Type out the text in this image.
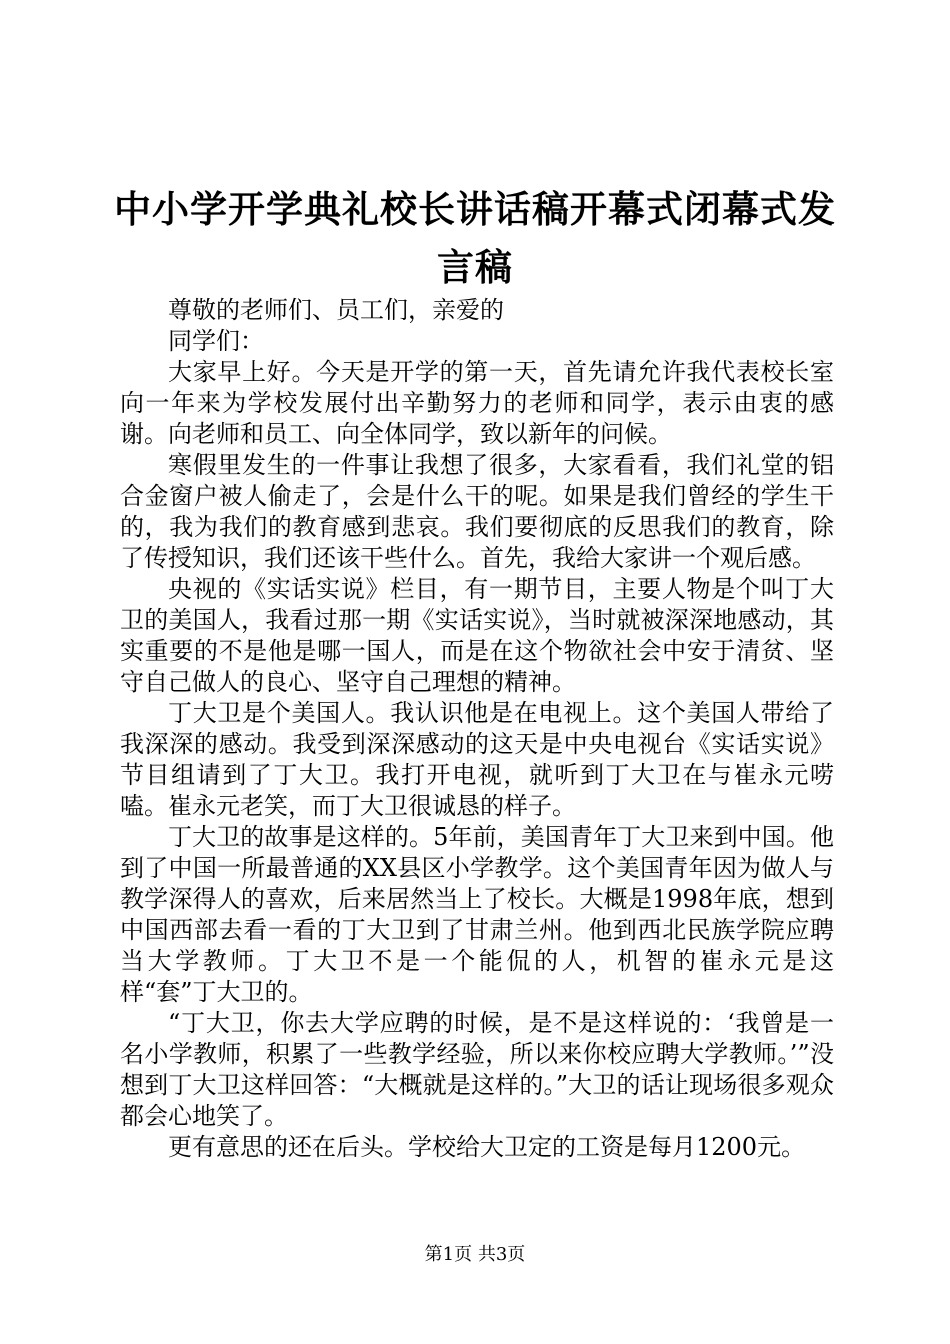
中小学开学典礼校长讲话稿开幕式闭幕式发言稿

尊敬的老师们、员工们，亲爱的

同学们：

大家早上好。今天是开学的第一天，首先请允许我代表校长室向一年来为学校发展付出辛勤努力的老师和同学，表示由衷的感谢。向老师和员工、向全体同学，致以新年的问候。

寒假里发生的一件事让我想了很多，大家看看，我们礼堂的铝合金窗户被人偷走了，会是什么干的呢。如果是我们曾经的学生干的，我为我们的教育感到悲哀。我们要彻底的反思我们的教育，除了传授知识，我们还该干些什么。首先，我给大家讲一个观后感。

央视的《实话实说》栏目，有一期节目，主要人物是个叫丁大卫的美国人，我看过那一期《实话实说》，当时就被深深地感动，其实重要的不是他是哪一国人，而是在这个物欲社会中安于清贫、坚守自己做人的良心、坚守自己理想的精神。

丁大卫是个美国人。我认识他是在电视上。这个美国人带给了我深深的感动。我受到深深感动的这天是中央电视台《实话实说》节目组请到了丁大卫。我打开电视，就听到丁大卫在与崔永元唠嗑。崔永元老笑，而丁大卫很诚恳的样子。

丁大卫的故事是这样的。5年前，美国青年丁大卫来到中国。他到了中国一所最普通的XX县区小学教学。这个美国青年因为做人与教学深得人的喜欢，后来居然当上了校长。大概是1998年底，想到中国西部去看一看的丁大卫到了甘肃兰州。他到西北民族学院应聘当大学教师。丁大卫不是一个能侃的人，机智的崔永元是这样“套”丁大卫的。

“丁大卫，你去大学应聘的时候，是不是这样说的：‘我曾是一名小学教师，积累了一些教学经验，所以来你校应聘大学教师。’”没想到丁大卫这样回答：“大概就是这样的。”大卫的话让现场很多观众都会心地笑了。

更有意思的还在后头。学校给大卫定的工资是每月1200元。

第1页 共3页
